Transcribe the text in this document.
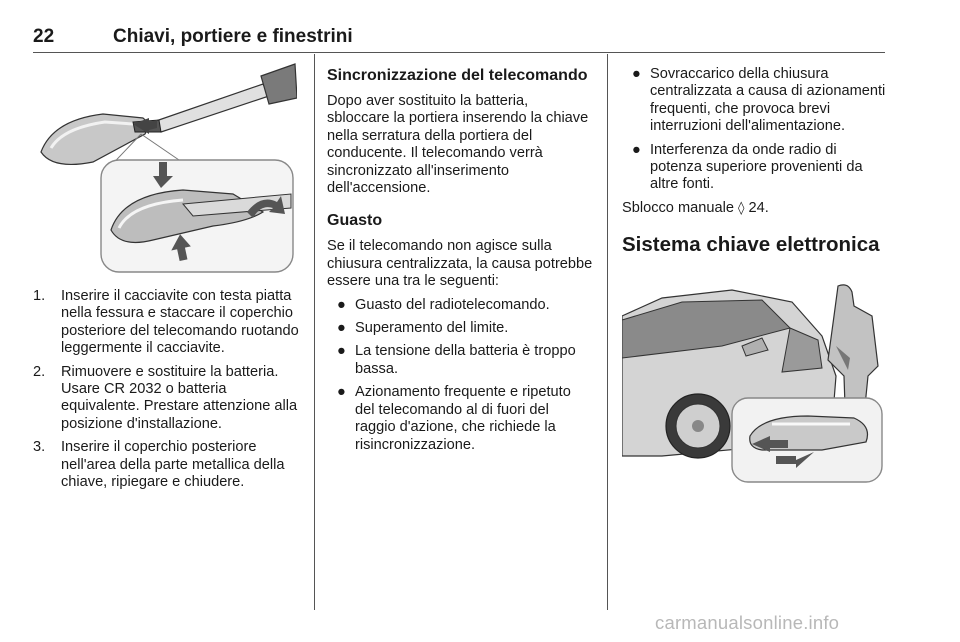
22	Chiavi, portiere e finestrini
1. Inserire il cacciavite con testa piatta nella fessura e staccare il coperchio posteriore del telecomando ruotando leggermente il cacciavite.
2. Rimuovere e sostituire la batteria. Usare CR 2032 o batteria equivalente. Prestare attenzione alla posizione d'installazione.
3. Inserire il coperchio posteriore nell'area della parte metallica della chiave, ripiegare e chiudere.
Sincronizzazione del telecomando

Dopo aver sostituito la batteria, sbloccare la portiera inserendo la chiave nella serratura della portiera del conducente. Il telecomando verrà sincronizzato all'inserimento dell'accensione.

Guasto

Se il telecomando non agisce sulla chiusura centralizzata, la causa potrebbe essere una tra le seguenti:

● Guasto del radiotelecomando.
● Superamento del limite.
● La tensione della batteria è troppo bassa.
● Azionamento frequente e ripetuto del telecomando al di fuori del raggio d'azione, che richiede la risincronizzazione.
● Sovraccarico della chiusura centralizzata a causa di azionamenti frequenti, che provoca brevi interruzioni dell'alimentazione.
● Interferenza da onde radio di potenza superiore provenienti da altre fonti.

Sblocco manuale ◊ 24.

Sistema chiave elettronica
carmanualsonline.info
